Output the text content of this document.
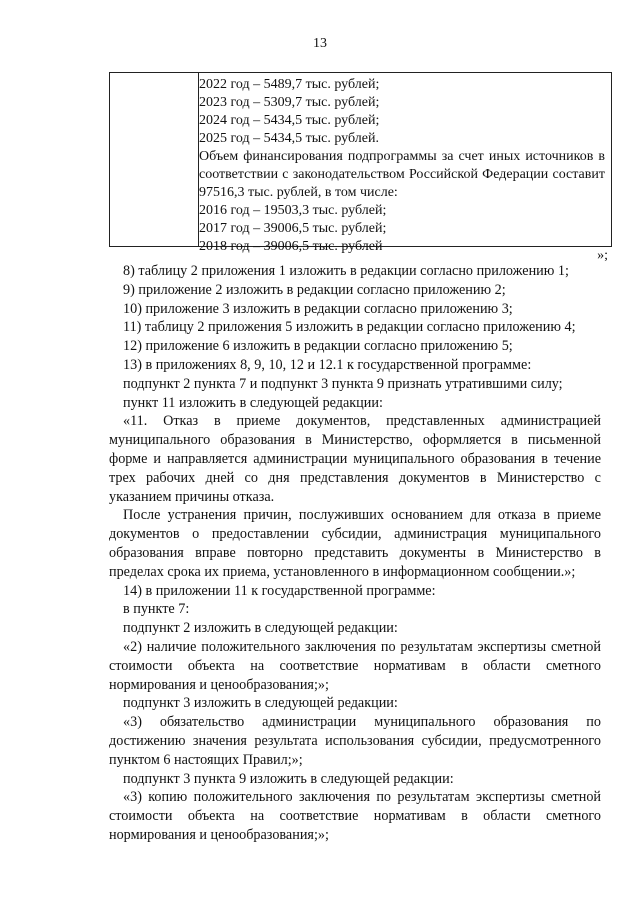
13
2022 год – 5489,7 тыс. рублей;
2023 год – 5309,7 тыс. рублей;
2024 год – 5434,5 тыс. рублей;
2025 год – 5434,5 тыс. рублей.
Объем финансирования подпрограммы за счет иных источников в соответствии с законодательством Российской Федерации составит 97516,3 тыс. рублей, в том числе:
2016 год – 19503,3 тыс. рублей;
2017 год – 39006,5 тыс. рублей;
2018 год – 39006,5 тыс. рублей
»;

8) таблицу 2 приложения 1 изложить в редакции согласно приложению 1;

9) приложение 2 изложить в редакции согласно приложению 2;

10) приложение 3 изложить в редакции согласно приложению 3;

11) таблицу 2 приложения 5 изложить в редакции согласно приложению 4;

12) приложение 6 изложить в редакции согласно приложению 5;

13) в приложениях 8, 9, 10, 12 и 12.1 к государственной программе:

подпункт 2 пункта 7 и подпункт 3 пункта 9 признать утратившими силу;

пункт 11 изложить в следующей редакции:

«11. Отказ в приеме документов, представленных администрацией муниципального образования в Министерство, оформляется в письменной форме и направляется администрации муниципального образования в течение трех рабочих дней со дня представления документов в Министерство с указанием причины отказа.

После устранения причин, послуживших основанием для отказа в приеме документов о предоставлении субсидии, администрация муниципального образования вправе повторно представить документы в Министерство в пределах срока их приема, установленного в информационном сообщении.»;

14) в приложении 11 к государственной программе:

в пункте 7:

подпункт 2 изложить в следующей редакции:

«2) наличие положительного заключения по результатам экспертизы сметной стоимости объекта на соответствие нормативам в области сметного нормирования и ценообразования;»;

подпункт 3 изложить в следующей редакции:

«3) обязательство администрации муниципального образования по достижению значения результата использования субсидии, предусмотренного пунктом 6 настоящих Правил;»;

подпункт 3 пункта 9 изложить в следующей редакции:

«3) копию положительного заключения по результатам экспертизы сметной стоимости объекта на соответствие нормативам в области сметного нормирования и ценообразования;»;
